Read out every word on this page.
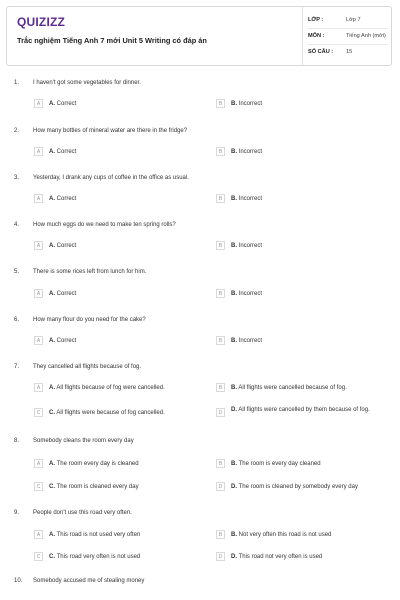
QUIZIZZ
Trắc nghiệm Tiếng Anh 7 mới Unit 5 Writing có đáp án
LỚP :	Lớp 7
MÔN :	Tiếng Anh (mới)
SỐ CÂU : 15
1. I haven't got some vegetables for dinner.
A	A. Correct	B	B. Incorrect
2. How many bottles of mineral water are there in the fridge?
A	A. Correct	B	B. Incorrect
3. Yesterday, I drank any cups of coffee in the office as usual.
A	A. Correct	B	B. Incorrect
4. How much eggs do we need to make ten spring rolls?
A	A. Correct	B	B. Incorrect
5. There is some rices left from lunch for him.
A	A. Correct	B	B. Incorrect
6. How many flour do you need for the cake?
A	A. Correct	B	B. Incorrect
7. They cancelled all flights because of fog.
A	A. All flights because of fog were cancelled.	B	B. All flights were cancelled because of fog.
C	C. All flights were because of fog cancelled.	D	D. All flights were cancelled by them because of fog.
8. Somebody cleans the room every day
A	A. The room every day is cleaned	B	B. The room is every day cleaned
C	C. The room is cleaned every day	D	D. The room is cleaned by somebody every day
9. People don't use this road very often.
A	A. This road is not used very often	B	B. Not very often this road is not used
C	C. This road very often is not used	D	D. This road not very often is used
10. Somebody accused me of stealing money
